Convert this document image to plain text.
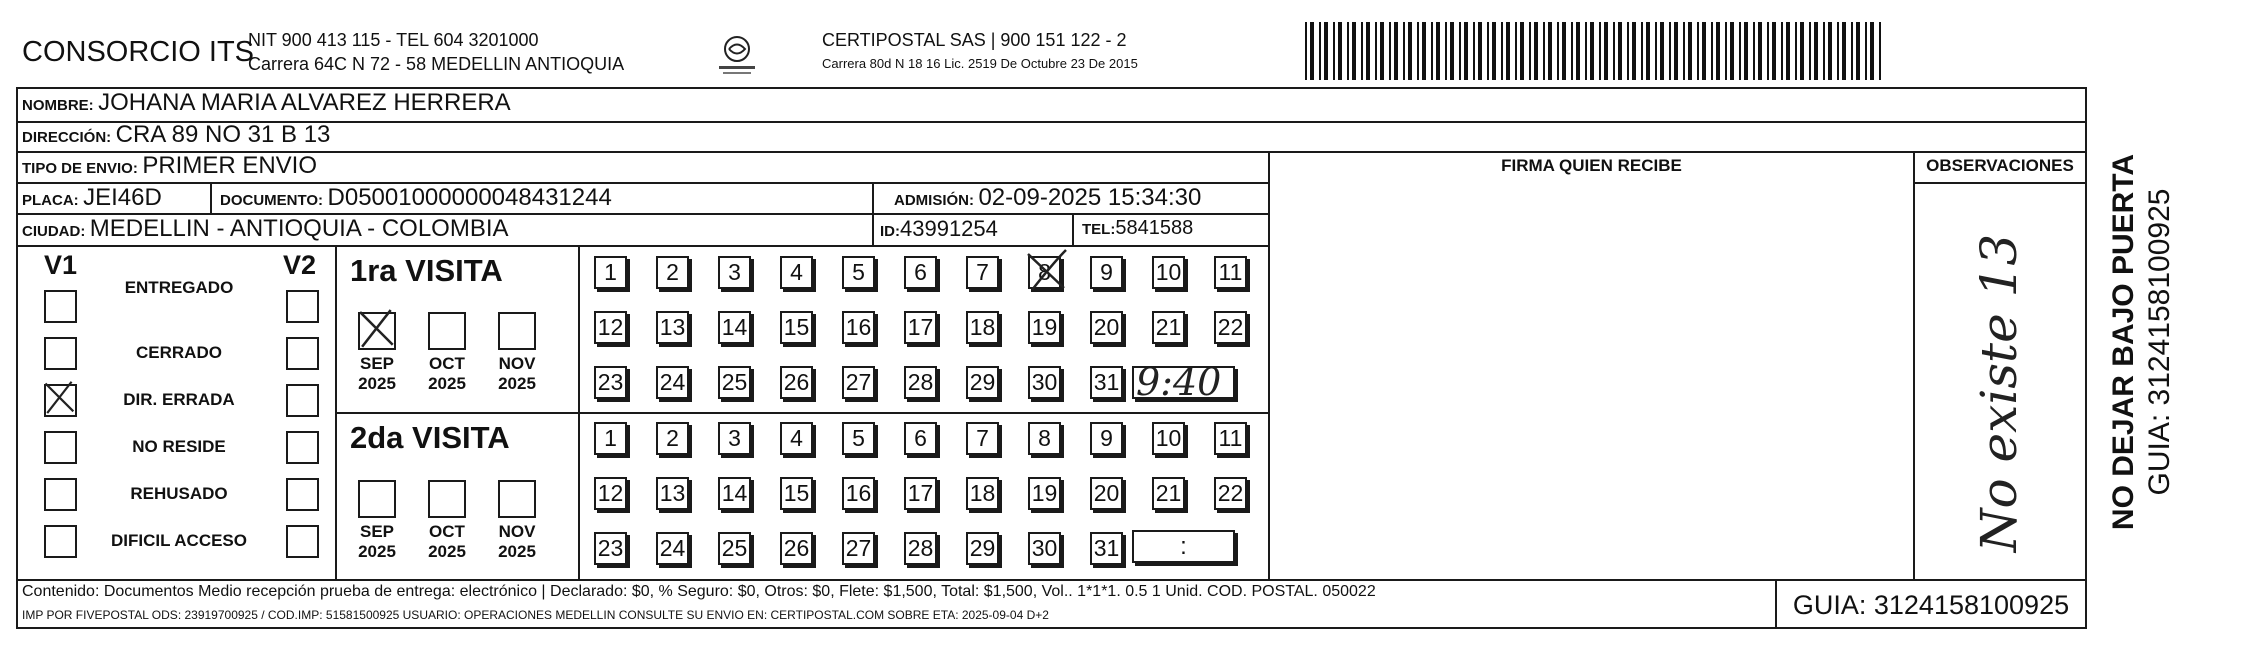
CONSORCIO ITS
NIT 900 413 115 - TEL 604 3201000
Carrera 64C N 72 - 58 MEDELLIN ANTIOQUIA
CERTIPOSTAL SAS | 900 151 122 - 2
Carrera 80d N 18 16 Lic. 2519 De Octubre 23 De 2015
NOMBRE: JOHANA MARIA ALVAREZ HERRERA
DIRECCIÓN: CRA 89 NO 31 B 13
TIPO DE ENVIO: PRIMER ENVIO
PLACA: JEI46D	DOCUMENTO: D05001000000048431244	ADMISIÓN: 02-09-2025 15:34:30
CIUDAD: MEDELLIN - ANTIOQUIA - COLOMBIA	ID:43991254	TEL:5841588
FIRMA QUIEN RECIBE	OBSERVACIONES
No existe 13
V1	V2 1ra VISITA
2da VISITA
9:40
:
NO DEJAR BAJO PUERTA GUIA: 3124158100925
Contenido: Documentos Medio recepción prueba de entrega: electrónico | Declarado: $0, % Seguro: $0, Otros: $0, Flete: $1,500, Total: $1,500, Vol.. 1*1*1. 0.5 1 Unid. COD. POSTAL. 050022
IMP POR FIVEPOSTAL ODS: 23919700925 / COD.IMP: 51581500925 USUARIO: OPERACIONES MEDELLIN CONSULTE SU ENVIO EN: CERTIPOSTAL.COM SOBRE ETA: 2025-09-04 D+2	GUIA: 3124158100925
ENTREGADO
CERRADO
DIR. ERRADA
NO RESIDE
REHUSADO
DIFICIL ACCESO
SEP
2025
OCT
2025
NOV
2025
SEP
2025
OCT
2025
NOV
2025
1	2	3	4	5	6	7	8	9	10 11
12 13 14 15 16 17 18 19 20 21 22
23 24 25 26 27 28 29 30 31
1	2	3	4	5	6	7	8	9	10 11
12 13 14 15 16 17 18 19 20 21 22
23 24 25 26 27 28 29 30 31
